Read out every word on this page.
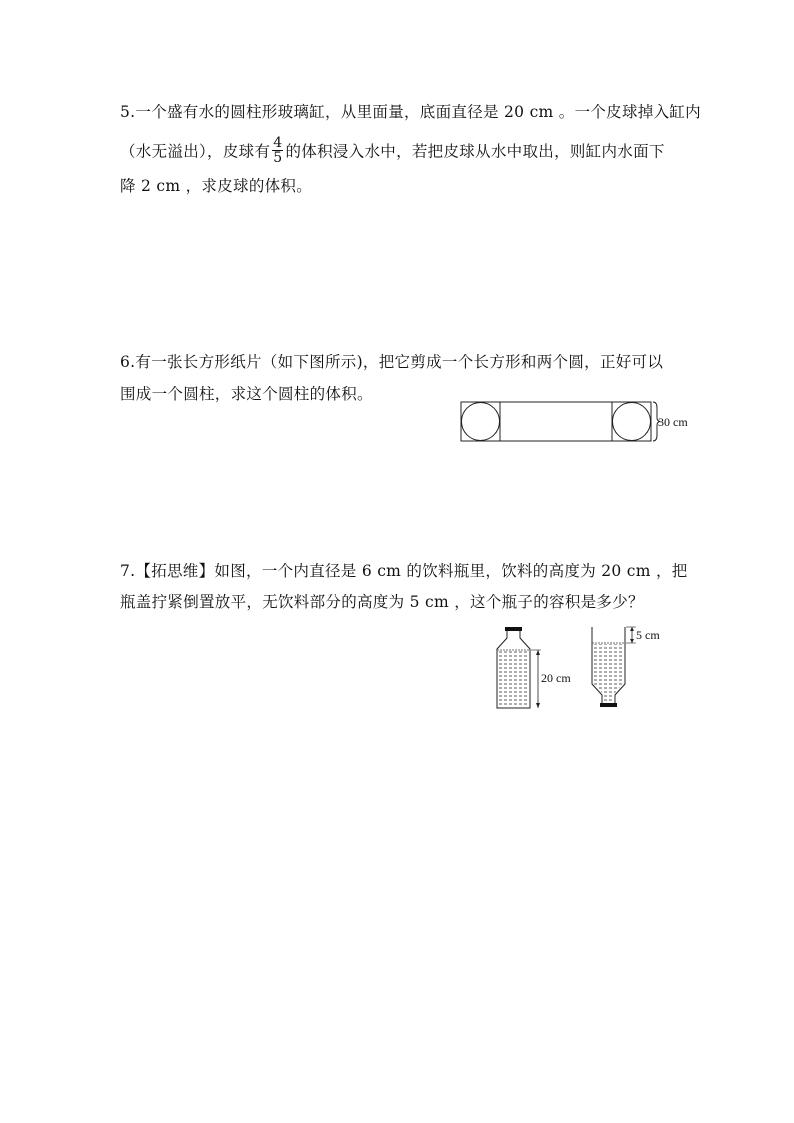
5.一个盛有水的圆柱形玻璃缸，从里面量，底面直径是 20 cm 。一个皮球掉入缸内
（水无溢出），皮球有 $\frac{4}{5}$ 的体积浸入水中，若把皮球从水中取出，则缸内水面下
降 2 cm ，求皮球的体积。
6.有一张长方形纸片（如下图所示)，把它剪成一个长方形和两个圆，正好可以
围成一个圆柱，求这个圆柱的体积。
30 cm
7.【拓思维】如图，一个内直径是 6 cm 的饮料瓶里，饮料的高度为 20 cm ，把
瓶盖拧紧倒置放平，无饮料部分的高度为 5 cm ，这个瓶子的容积是多少？
20 cm
5 cm
